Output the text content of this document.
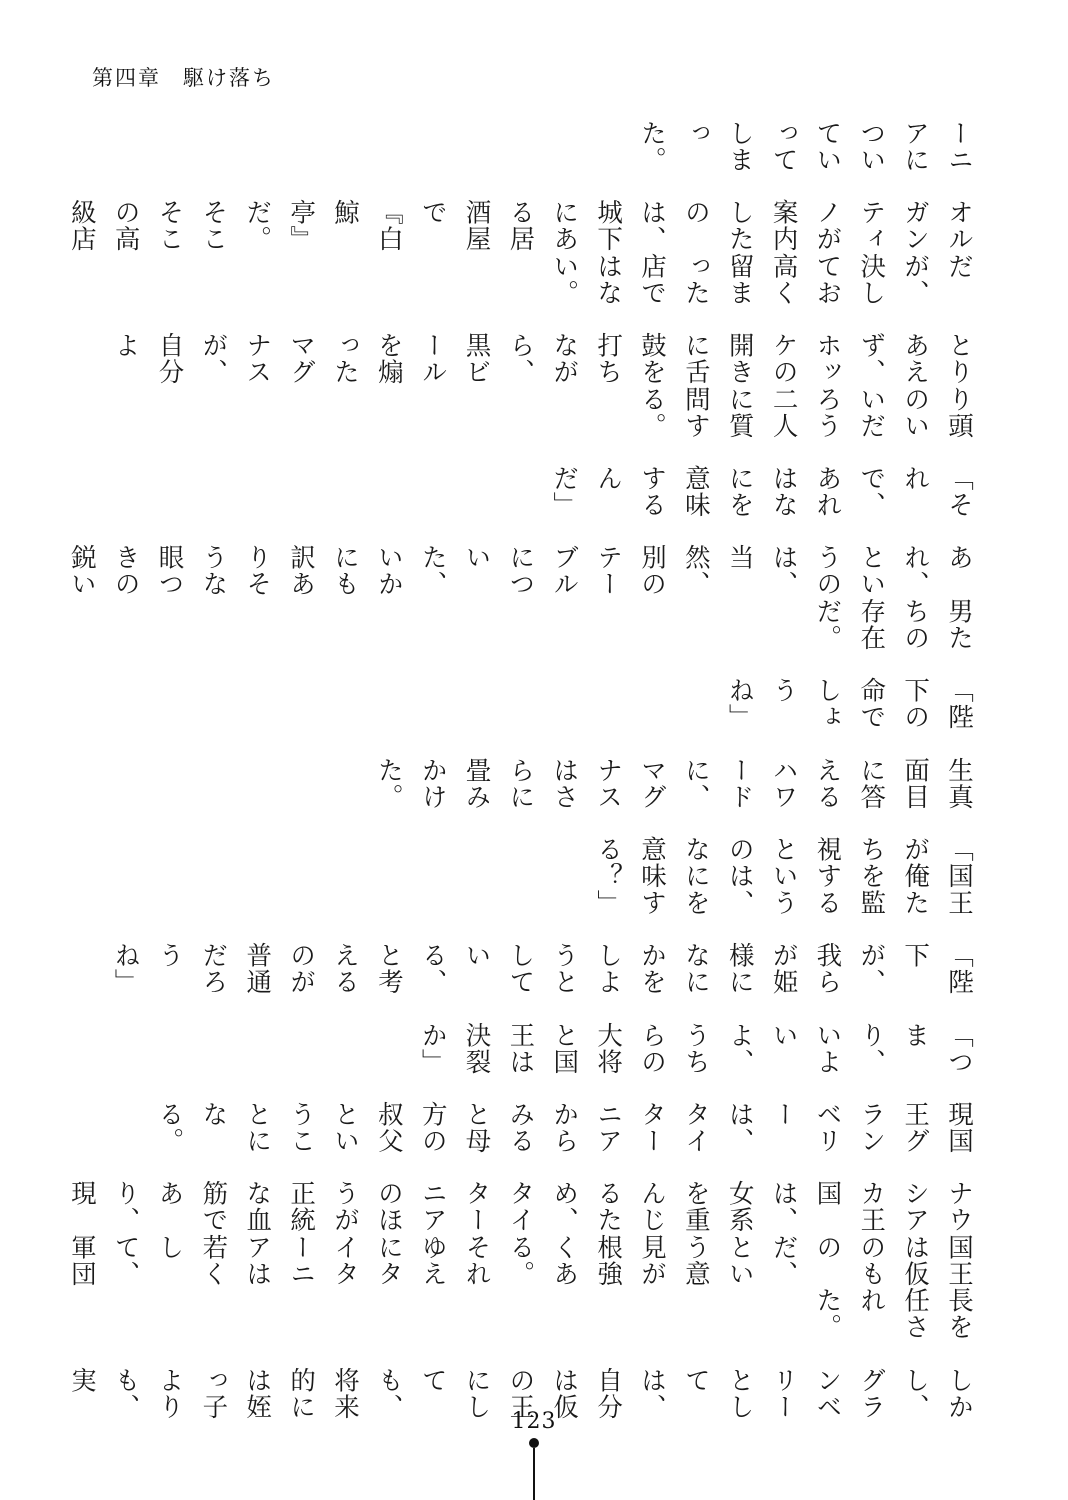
第四章 駆け落ち
ーニアについていってしまった。
オルガンティノが案内したのは、城下にある居酒屋で『白鯨亭』だ。そこそこの高級店
だが、決してお高く留まった店ではない。
とりあえず、ホッケの開きに舌鼓を打ちながら、黒ビールを煽ったマグナスが、自分よ
り頭のいいだろう二人に質問する。
「それで、あれはなにを意味するんだ」
あれ、というのは、当然、別のテーブルについた、いかにも訳ありそうな眼つきの鋭い
男たちの存在だ。
「陛下の命でしょうね」
生真面目に答えるハワードに、マグナスはさらに畳みかけた。
「国王が俺たちを監視するというのは、なにを意味する？」
「陛下が、我らが姫様になにかをしようとしている、と考えるのが普通だろうね」
「つまり、いよいよ、うちらの大将と国王は決裂か」
現国王グランベリーは、タイターニアからみると母方の叔父ということになる。
ナウシアカ王国は、女系を重んじるため、タイターニアのほうが正統な血筋であり、現
国王は仮のものだ、という意見が根強くある。それゆえにタイターニアは若くして、軍団
長を任された。
しかし、グランベリーとしては、自分は仮の王にしても、将来的には姪っ子よりも、実
123
